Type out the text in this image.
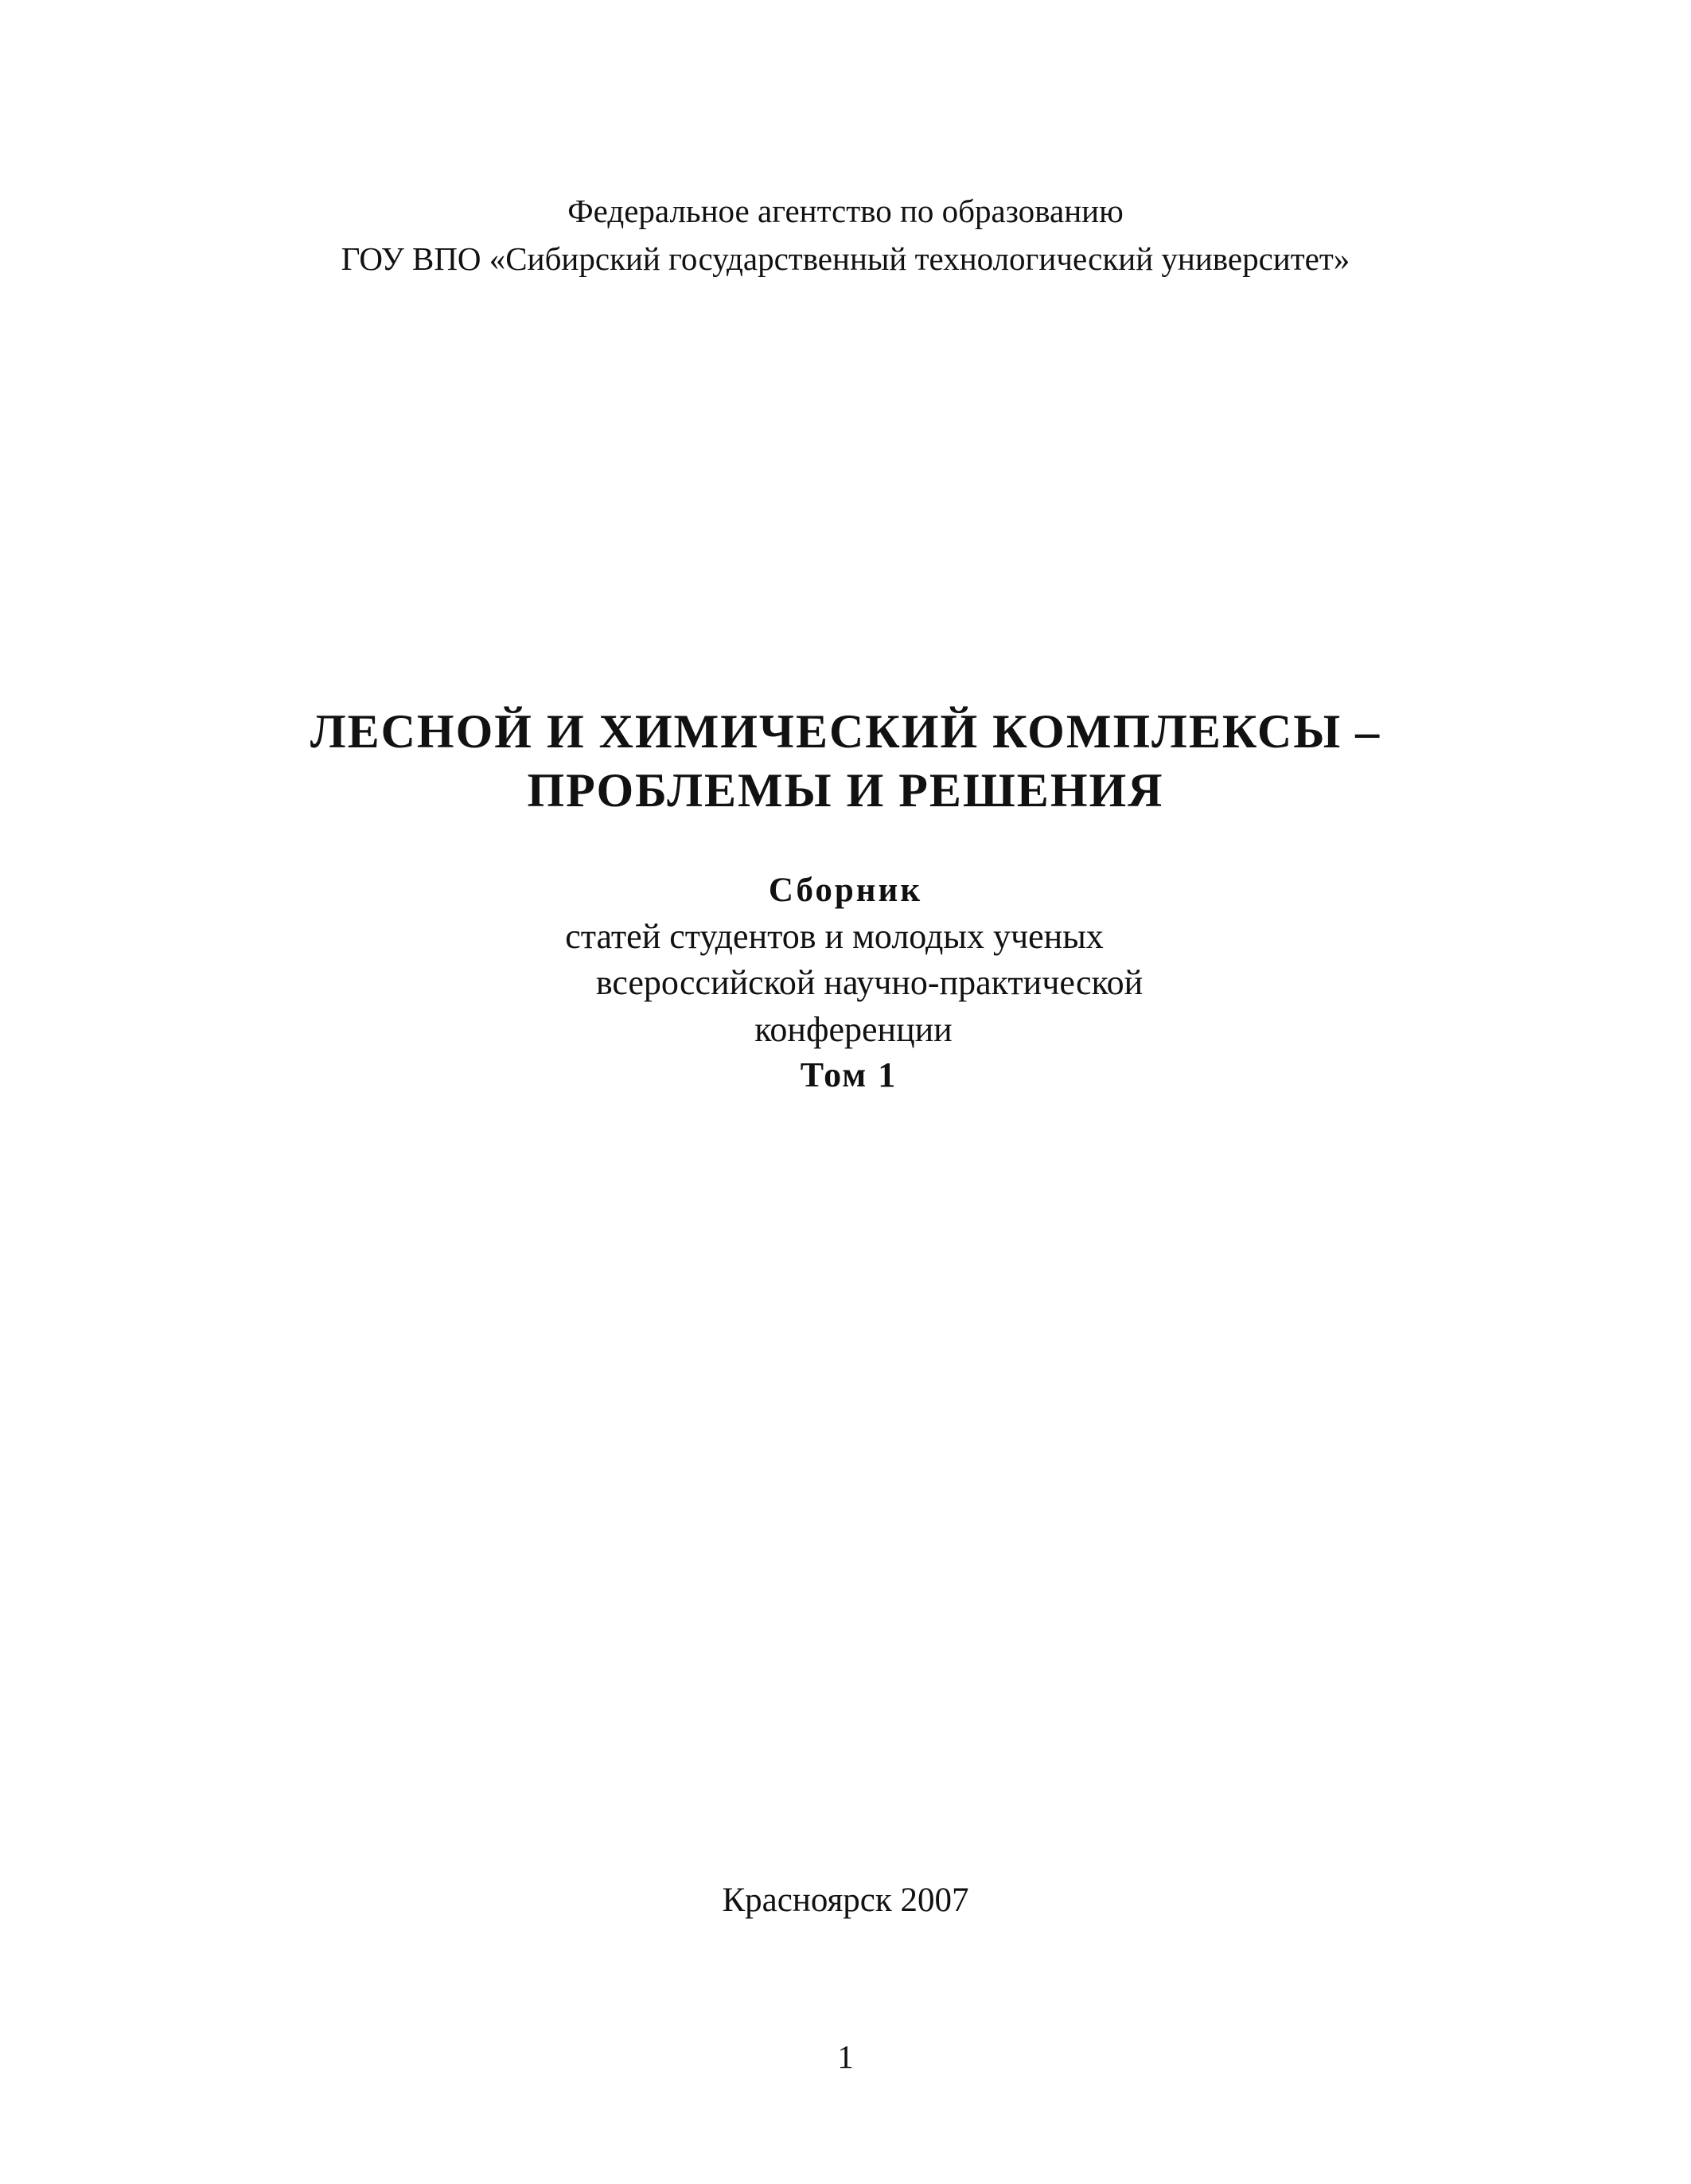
Федеральное агентство по образованию
ГОУ ВПО «Сибирский государственный технологический университет»
ЛЕСНОЙ И ХИМИЧЕСКИЙ КОМПЛЕКСЫ –
ПРОБЛЕМЫ И РЕШЕНИЯ
Сборник
статей студентов и молодых ученых
всероссийской научно-практической
конференции
Том 1
Красноярск 2007
1
